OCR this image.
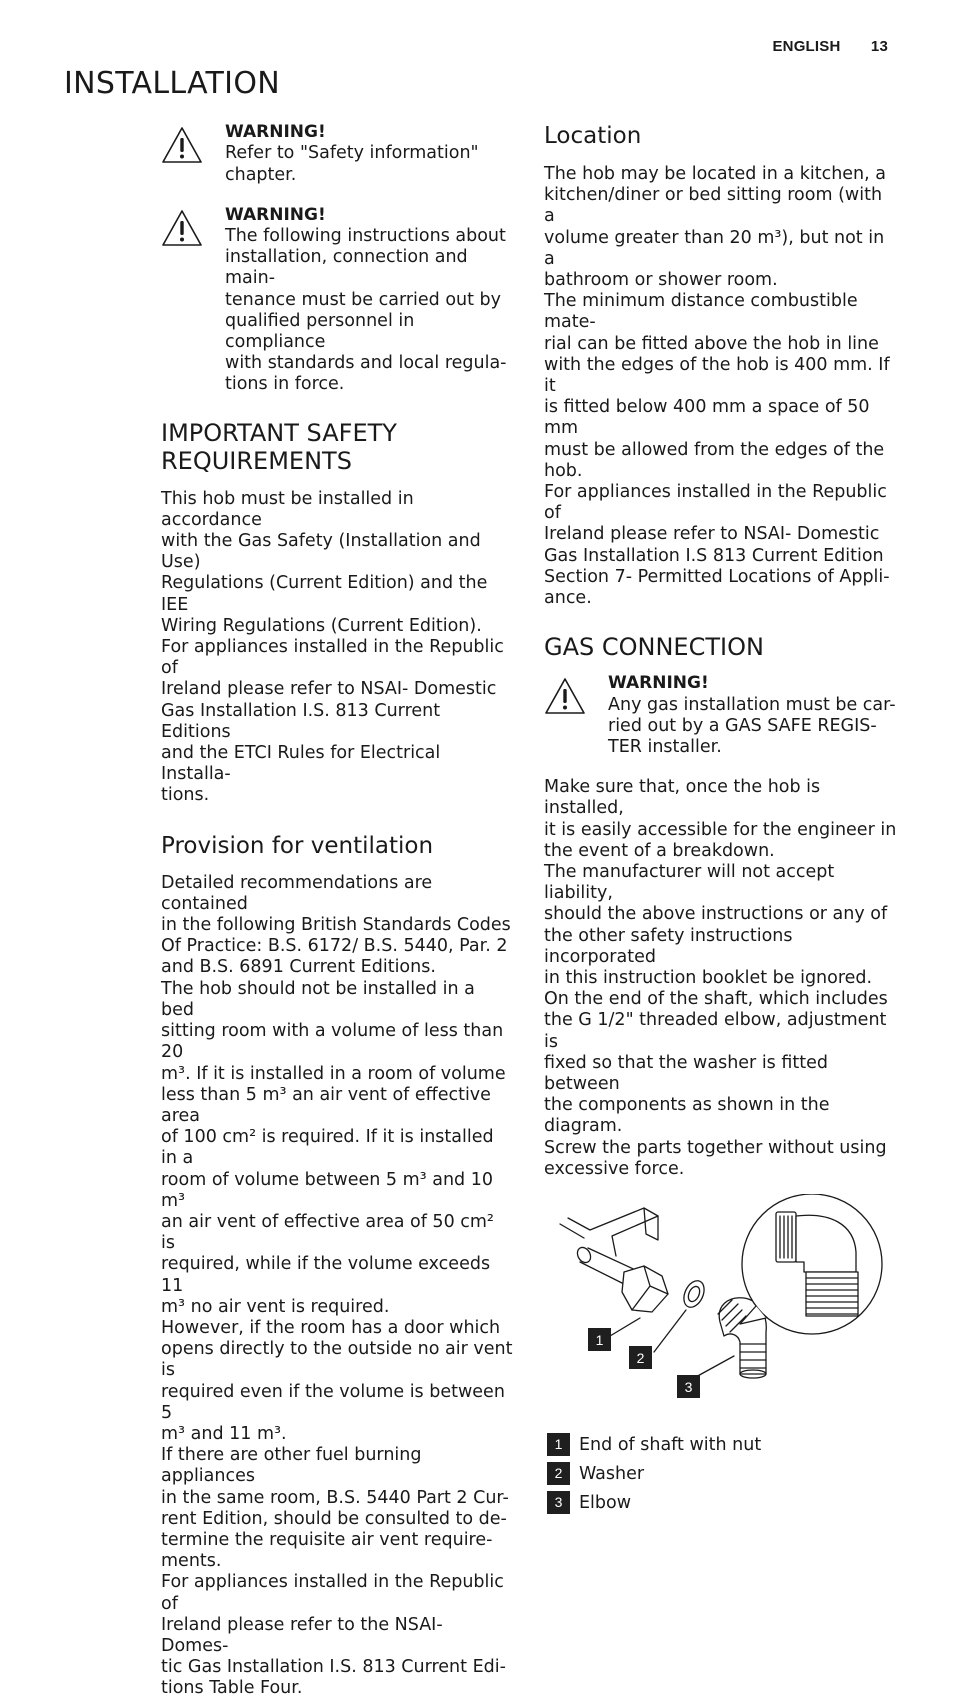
ENGLISH 13
INSTALLATION
WARNING!

Refer to "Safety information"
chapter.

WARNING!

The following instructions about
installation, connection and main-
tenance must be carried out by
qualified personnel in compliance
with standards and local regula-
tions in force.

IMPORTANT SAFETY
REQUIREMENTS

This hob must be installed in accordance
with the Gas Safety (Installation and Use)
Regulations (Current Edition) and the IEE
Wiring Regulations (Current Edition).
For appliances installed in the Republic of
Ireland please refer to NSAI- Domestic
Gas Installation I.S. 813 Current Editions
and the ETCI Rules for Electrical Installa-
tions.

Provision for ventilation

Detailed recommendations are contained
in the following British Standards Codes
Of Practice: B.S. 6172/ B.S. 5440, Par. 2
and B.S. 6891 Current Editions.
The hob should not be installed in a bed
sitting room with a volume of less than 20
m³. If it is installed in a room of volume
less than 5 m³ an air vent of effective area
of 100 cm² is required. If it is installed in a
room of volume between 5 m³ and 10 m³
an air vent of effective area of 50 cm² is
required, while if the volume exceeds 11
m³ no air vent is required.
However, if the room has a door which
opens directly to the outside no air vent is
required even if the volume is between 5
m³ and 11 m³.
If there are other fuel burning appliances
in the same room, B.S. 5440 Part 2 Cur-
rent Edition, should be consulted to de-
termine the requisite air vent require-
ments.
For appliances installed in the Republic of
Ireland please refer to the NSAI- Domes-
tic Gas Installation I.S. 813 Current Edi-
tions Table Four.

Location

The hob may be located in a kitchen, a
kitchen/diner or bed sitting room (with a
volume greater than 20 m³), but not in a
bathroom or shower room.
The minimum distance combustible mate-
rial can be fitted above the hob in line
with the edges of the hob is 400 mm. If it
is fitted below 400 mm a space of 50 mm
must be allowed from the edges of the
hob.
For appliances installed in the Republic of
Ireland please refer to NSAI- Domestic
Gas Installation I.S 813 Current Edition
Section 7- Permitted Locations of Appli-
ance.

GAS CONNECTION
WARNING!

Any gas installation must be car-
ried out by a GAS SAFE REGIS-
TER installer.

Make sure that, once the hob is installed,
it is easily accessible for the engineer in
the event of a breakdown.
The manufacturer will not accept liability,
should the above instructions or any of
the other safety instructions incorporated
in this instruction booklet be ignored.
On the end of the shaft, which includes
the G 1/2" threaded elbow, adjustment is
fixed so that the washer is fitted between
the components as shown in the diagram.
Screw the parts together without using
excessive force.

1
2
3
1 End of shaft with nut
2 Washer
3 Elbow
